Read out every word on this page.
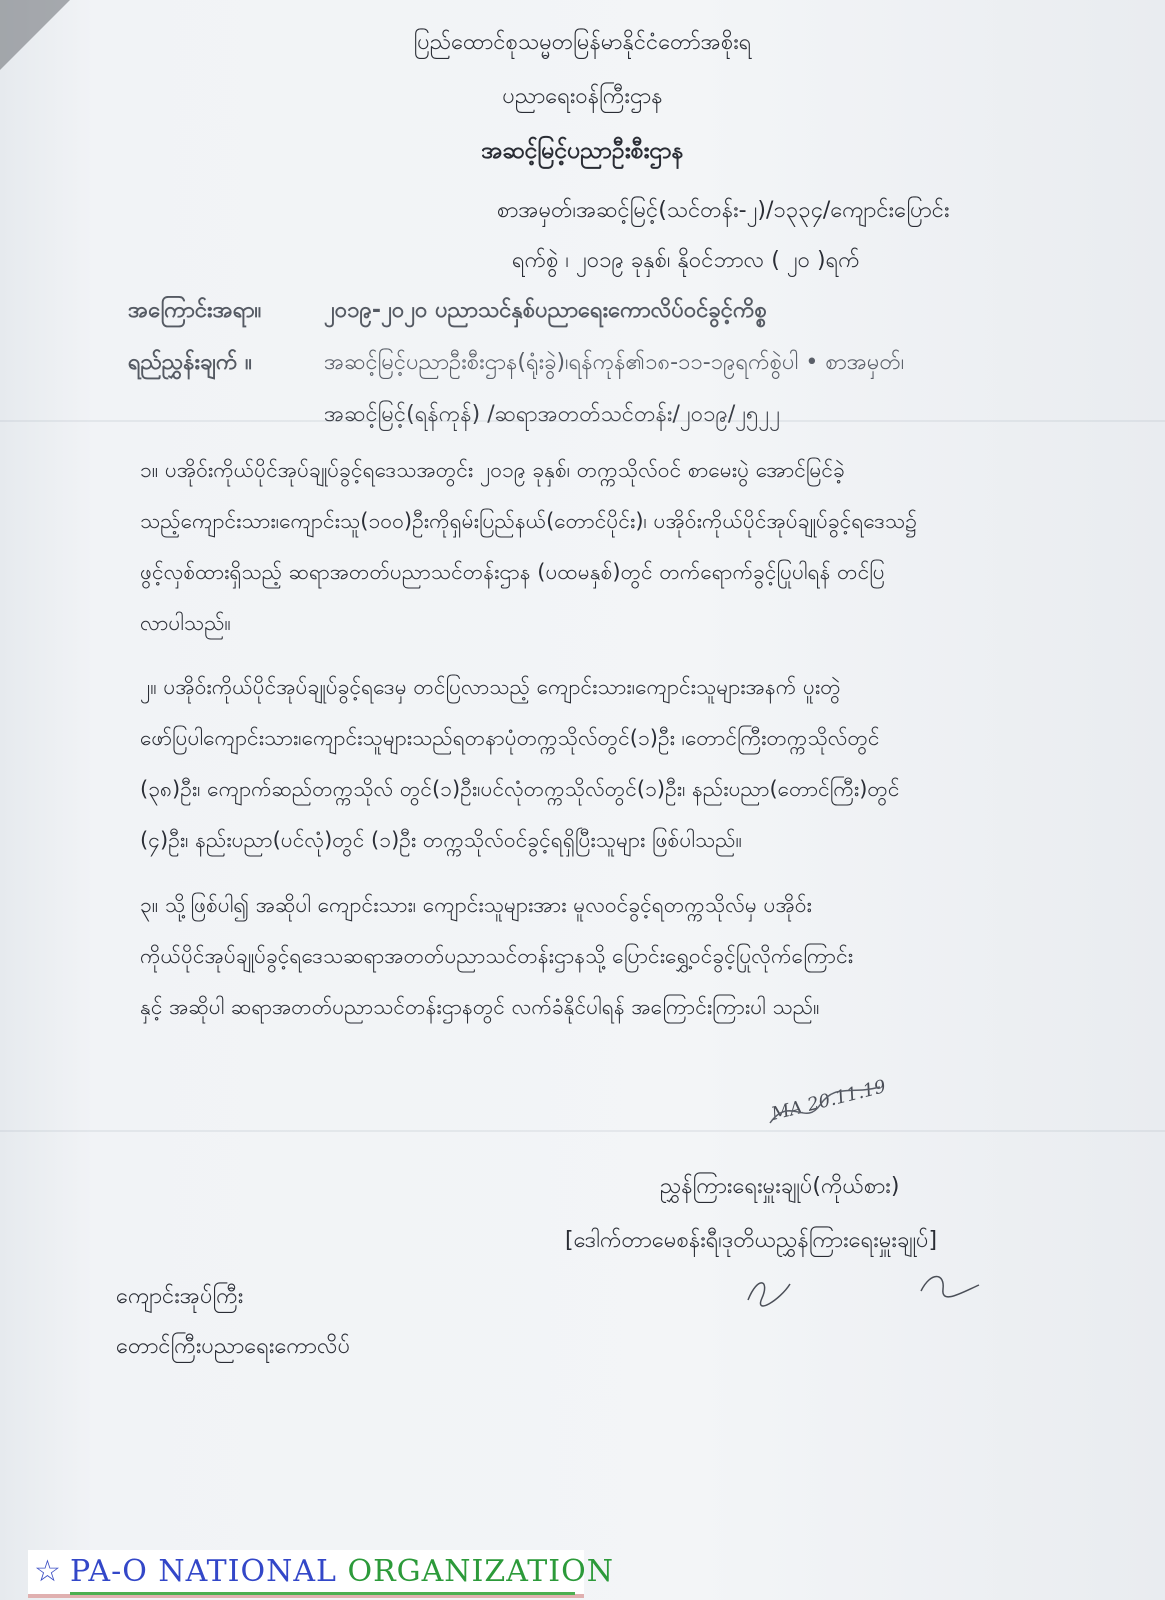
ပြည်ထောင်စုသမ္မတမြန်မာနိုင်ငံတော်အစိုးရ
ပညာရေးဝန်ကြီးဌာန
အဆင့်မြင့်ပညာဦးစီးဌာန
စာအမှတ်၊အဆင့်မြင့်(သင်တန်း-၂)/၁၃၃၄/ကျောင်းပြောင်း
ရက်စွဲ ၊ ၂၀၁၉ ခုနှစ်၊ နိုဝင်ဘာလ ( ၂၀ )ရက်
အကြောင်းအရာ။	၂၀၁၉-၂၀၂၀ ပညာသင်နှစ်ပညာရေးကောလိပ်ဝင်ခွင့်ကိစ္စ
ရည်ညွှန်းချက် ။	အဆင့်မြင့်ပညာဦးစီးဌာန(ရုံးခွဲ)၊ရန်ကုန်၏၁၈-၁၁-၁၉ရက်စွဲပါ • စာအမှတ်၊
အဆင့်မြင့်(ရန်ကုန်) /ဆရာအတတ်သင်တန်း/၂၀၁၉/၂၅၂၂
၁။ ပအိုဝ်းကိုယ်ပိုင်အုပ်ချုပ်ခွင့်ရဒေသအတွင်း ၂၀၁၉ ခုနှစ်၊ တက္ကသိုလ်ဝင် စာမေးပွဲ အောင်မြင်ခဲ့
သည့်ကျောင်းသား၊ကျောင်းသူ(၁၀၀)ဦးကိုရှမ်းပြည်နယ်(တောင်ပိုင်း)၊ ပအိုဝ်းကိုယ်ပိုင်အုပ်ချုပ်ခွင့်ရဒေသ၌
ဖွင့်လှစ်ထားရှိသည့် ဆရာအတတ်ပညာသင်တန်းဌာန (ပထမနှစ်)တွင် တက်ရောက်ခွင့်ပြုပါရန် တင်ပြ
လာပါသည်။
၂။ ပအိုဝ်းကိုယ်ပိုင်အုပ်ချုပ်ခွင့်ရဒေမှ တင်ပြလာသည့် ကျောင်းသား၊ကျောင်းသူများအနက် ပူးတွဲ
ဖော်ပြပါကျောင်းသား၊ကျောင်းသူများသည်ရတနာပုံတက္ကသိုလ်တွင်(၁)ဦး ၊တောင်ကြီးတက္ကသိုလ်တွင်
(၃၈)ဦး၊ ကျောက်ဆည်တက္ကသိုလ် တွင်(၁)ဦး၊ပင်လုံတက္ကသိုလ်တွင်(၁)ဦး၊ နည်းပညာ(တောင်ကြီး)တွင်
(၄)ဦး၊ နည်းပညာ(ပင်လုံ)တွင် (၁)ဦး တက္ကသိုလ်ဝင်ခွင့်ရရှိပြီးသူများ ဖြစ်ပါသည်။
၃။ သို့ဖြစ်ပါ၍ အဆိုပါ ကျောင်းသား၊ ကျောင်းသူများအား မူလဝင်ခွင့်ရတက္ကသိုလ်မှ ပအိုဝ်း
ကိုယ်ပိုင်အုပ်ချုပ်ခွင့်ရဒေသဆရာအတတ်ပညာသင်တန်းဌာနသို့ ပြောင်းရွှေ့ဝင်ခွင့်ပြုလိုက်ကြောင်း
နှင့် အဆိုပါ ဆရာအတတ်ပညာသင်တန်းဌာနတွင် လက်ခံနိုင်ပါရန် အကြောင်းကြားပါ သည်။
MA 20.11.19
ညွှန်ကြားရေးမှူးချုပ်(ကိုယ်စား)
[ဒေါက်တာမေစန်းရီ၊ဒုတိယညွှန်ကြားရေးမှူးချုပ်]
ကျောင်းအုပ်ကြီး
တောင်ကြီးပညာရေးကောလိပ်
☆ PA-O NATIONAL ORGANIZATION
